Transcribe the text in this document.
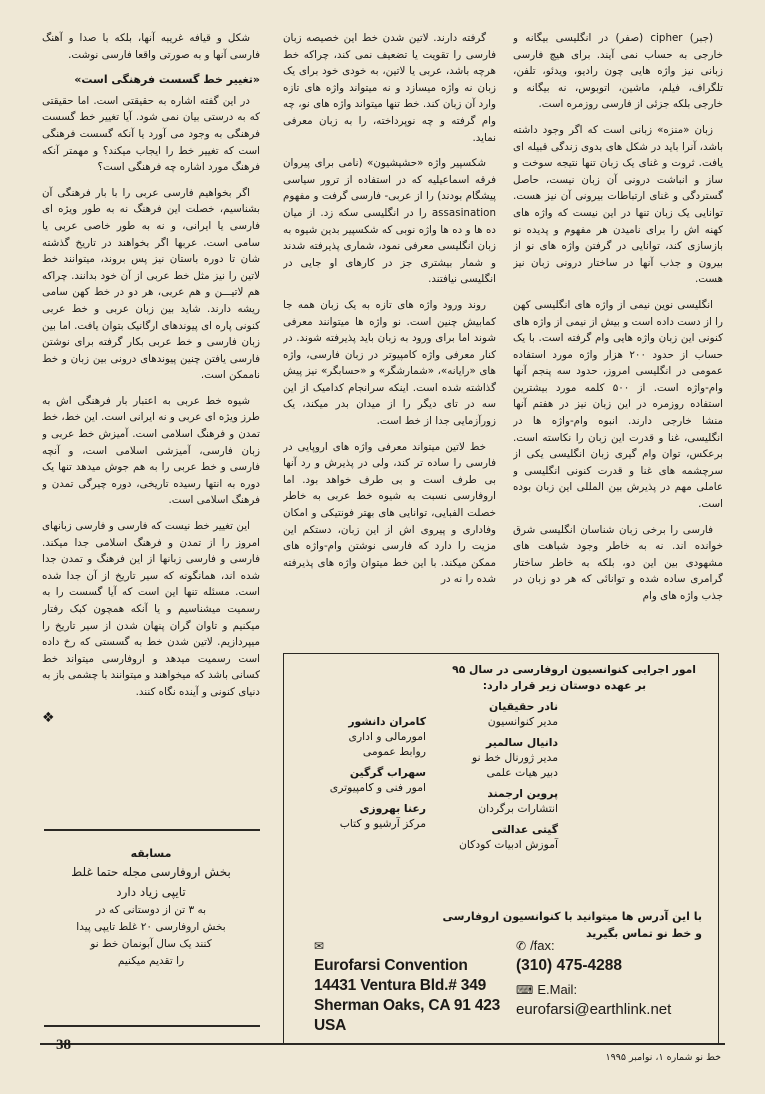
(جبر) cipher (صفر) در انگلیسی بیگانه و خارجی به حساب نمی آیند. برای هیچ فارسی زبانی نیز واژه هایی چون رادیو، ویدئو، تلفن، تلگراف، فیلم، ماشین، اتوبوس، نه بیگانه و خارجی بلکه جزئی از فارسی روزمره است.

زبان «منزه» زبانی است که اگر وجود داشته باشد، آنرا باید در شکل های بدوی زندگی قبیله ای یافت. ثروت و غنای یک زبان تنها نتیجه سوخت و ساز و انباشت درونی آن زبان نیست، حاصل گستردگی و غنای ارتباطات بیرونی آن نیز هست. توانایی یک زبان تنها در این نیست که واژه های کهنه اش را برای نامیدن هر مفهوم و پدیده نو بازسازی کند، توانایی در گرفتن واژه های نو از بیرون و جذب آنها در ساختار درونی زبان نیز هست.

انگلیسی نوین نیمی از واژه های انگلیسی کهن را از دست داده است و بیش از نیمی از واژه های کنونی این زبان واژه هایی وام گرفته است. با یک حساب از حدود ۲۰۰ هزار واژه مورد استفاده عمومی در انگلیسی امروز، حدود سه پنجم آنها وام-واژه است. از ۵۰۰ کلمه مورد بیشترین استفاده روزمره در این زبان نیز در هفتم آنها منشا خارجی دارند. انبوه وام-واژه ها در انگلیسی، غنا و قدرت این زبان را نکاسته است. برعکس، توان وام گیری زبان انگلیسی یکی از سرچشمه های غنا و قدرت کنونی انگلیسی و عاملی مهم در پذیرش بین المللی این زبان بوده است.

فارسی را برخی زبان شناسان انگلیسی شرق خوانده اند. نه به خاطر وجود شباهت های مشهودی بین این دو، بلکه به خاطر ساختار گرامری ساده شده و توانائی که هر دو زبان در جذب واژه های وام

گرفته دارند. لاتین شدن خط این خصیصه زبان فارسی را تقویت یا تضعیف نمی کند، چراکه خط هرچه باشد، عربی یا لاتین، به خودی خود برای یک زبان نه واژه میسازد و نه میتواند واژه های تازه وارد آن زبان کند. خط تنها میتواند واژه های نو، چه وام گرفته و چه نوپرداخته، را به زبان معرفی نماید.

شکسپیر واژه «حشیشیون» (نامی برای پیروان فرقه اسماعیلیه که در استفاده از ترور سیاسی پیشگام بودند) را از عربی- فارسی گرفت و مفهوم assasination را در انگلیسی سکه زد. از میان ده ها و ده ها واژه نوبی که شکسپیر بدین شیوه به زبان انگلیسی معرفی نمود، شماری پذیرفته شدند و شمار بیشتری جز در کارهای او جایی در انگلیسی نیافتند.

روند ورود واژه های تازه به یک زبان همه جا کمابیش چنین است. نو واژه ها میتوانند معرفی شوند اما برای ورود به زبان باید پذیرفته شوند. در کنار معرفی واژه کامپیوتر در زبان فارسی، واژه های «رایانه»، «شمارشگر» و «حسابگر» نیز پیش گذاشته شده است. اینکه سرانجام کدامیک از این سه در تای دیگر را از میدان بدر میکند، یک زورآزمایی جدا از خط است.

خط لاتین میتواند معرفی واژه های اروپایی در فارسی را ساده تر کند، ولی در پذیرش و رد آنها بی طرف است و بی طرف خواهد بود. اما اروفارسی نسبت به شیوه خط عربی به خاطر خصلت الفبایی، توانایی های بهتر فونتیکی و امکان وفاداری و پیروی اش از این زبان، دستکم این مزیت را دارد که فارسی نوشتن وام-واژه های ممکن میکند. با این خط میتوان واژه های پذیرفته شده را نه در

شکل و قیافه غریبه آنها، بلکه با صدا و آهنگ فارسی آنها و به صورتی واقعا فارسی نوشت.

«تغییر خط گسست فرهنگی است»

در این گفته اشاره به حقیقتی است. اما حقیقتی که به درستی بیان نمی شود. آیا تغییر خط گسست فرهنگی به وجود می آورد یا آنکه گسست فرهنگی است که تغییر خط را ایجاب میکند؟ و مهمتر آنکه فرهنگ مورد اشاره چه فرهنگی است؟

اگر بخواهیم فارسی عربی را با بار فرهنگی آن بشناسیم، خصلت این فرهنگ نه به طور ویژه ای فارسی یا ایرانی، و نه به طور خاصی عربی یا سامی است. عربها اگر بخواهند در تاریخ گذشته شان تا دوره باستان نیز پس بروند، میتوانند خط لاتین را نیز مثل خط عربی از آن خود بدانند. چراکه هم لاتیـــن و هم عربی، هر دو در خط کهن سامی ریشه دارند. شاید بین زبان عربی و خط عربی کنونی پاره ای پیوندهای ارگانیک بتوان یافت. اما بین زبان فارسی و خط عربی بکار گرفته برای نوشتن فارسی یافتن چنین پیوندهای درونی بین زبان و خط ناممکن است.

شیوه خط عربی به اعتبار بار فرهنگی اش به طرز ویژه ای عربی و نه ایرانی است. این خط، خط تمدن و فرهنگ اسلامی است. آمیزش خط عربی و زبان فارسی، آمیزشی اسلامی است، و آنچه فارسی و خط عربی را به هم جوش میدهد تنها یک دوره به انتها رسیده تاریخی، دوره چیرگی تمدن و فرهنگ اسلامی است.

این تغییر خط نیست که فارسی و فارسی زبانهای امروز را از تمدن و فرهنگ اسلامی جدا میکند. فارسی و فارسی زبانها از این فرهنگ و تمدن جدا شده اند، همانگونه که سیر تاریخ از آن جدا شده است. مسئله تنها این است که آیا گسست را به رسمیت میشناسیم و یا آنکه همچون کبک رفتار میکنیم و تاوان گران پنهان شدن از سیر تاریخ را میپردازیم. لاتین شدن خط به گسستی که رخ داده است رسمیت میدهد و اروفارسی میتواند خط کسانی باشد که میخواهند و میتوانند با چشمی باز به دنیای کنونی و آینده نگاه کنند.

❖
مسابقه
بخش اروفارسی مجله حتما غلط
تایپی زیاد دارد
به ۳ تن از دوستانی که در
بخش اروفارسی ۲۰ غلط تایپی پیدا
کنند یک سال آبونمان خط نو
را تقدیم میکنیم
امور اجرایی کنوانسیون اروفارسی در سال ۹۵
بر عهده دوستان زیر قرار دارد:
نادر حقیقیان
مدیر کنوانسیون
دانیال سالمیر
مدیر ژورنال خط نو
دبیر هیات علمی
پروین ارجمند
انتشارات برگردان
گیتی عدالتی
آموزش ادبیات کودکان
کامران دانشور
امورمالی و اداری
روابط عمومی
سهراب گرگین
امور فنی و کامپیوتری
رعنا بهروزی
مرکز آرشیو و کتاب
با این آدرس ها میتوانید با کنوانسیون اروفارسی
و خط نو تماس بگیرید
✉
Eurofarsi Convention
14431 Ventura Bld.# 349
Sherman Oaks, CA 91 423
USA
✆ /fax:
(310) 475-4288
⌨ E.Mail:
eurofarsi@earthlink.net
38
خط نو شماره ۱، نوامبر ۱۹۹۵
